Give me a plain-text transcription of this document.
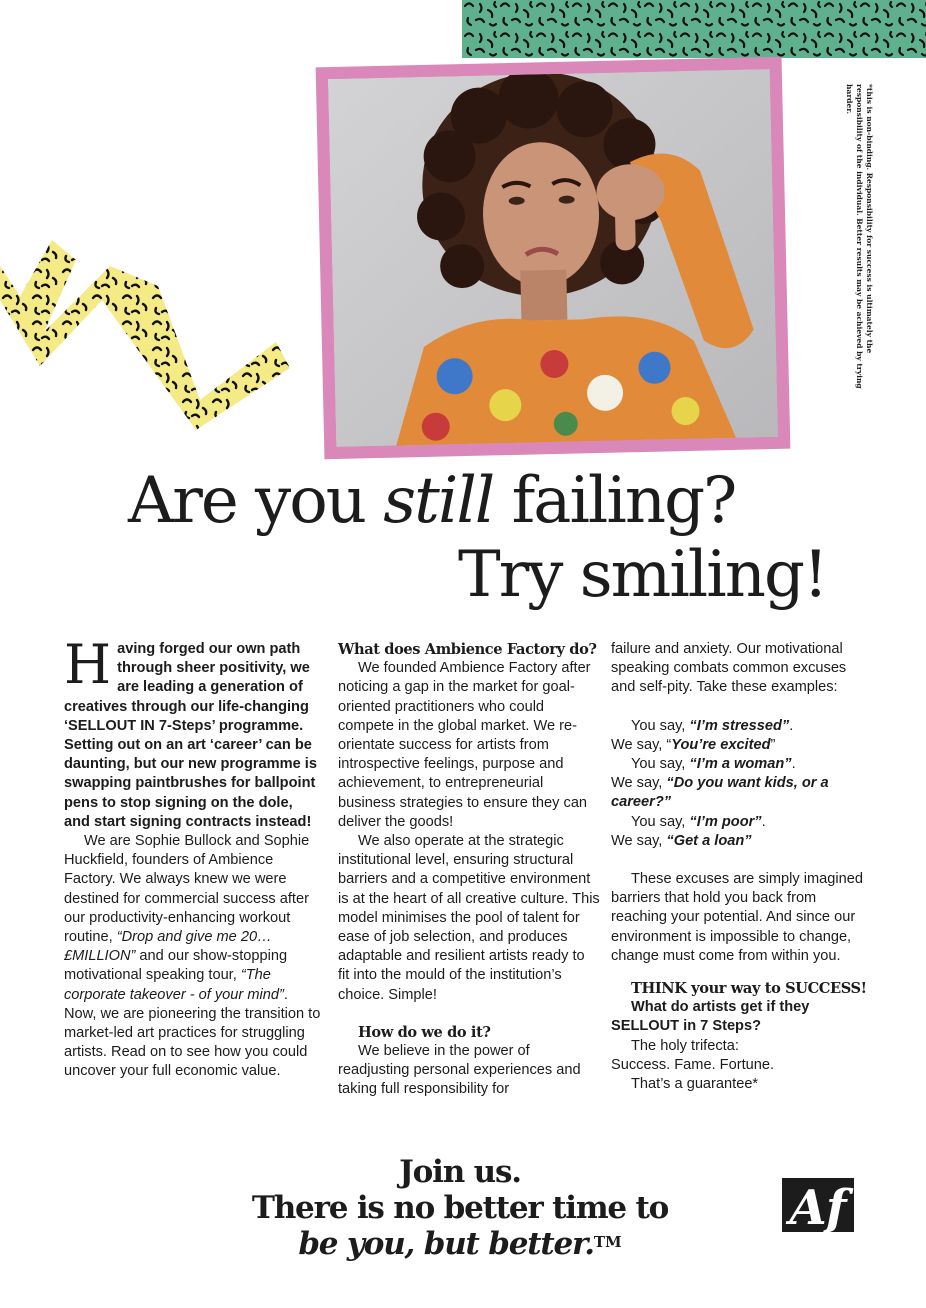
*this is non-binding. Responsibility for success is ultimately the responsibility of the individual. Better results may be achieved by trying harder.
Are you still failing?
Try smiling!

Having forged our own path through sheer positivity, we are leading a generation of creatives through our life-changing ‘SELLOUT IN 7-Steps’ programme. Setting out on an art ‘career’ can be daunting, but our new programme is swapping paintbrushes for ballpoint pens to stop signing on the dole, and start signing contracts instead!

We are Sophie Bullock and Sophie Huckfield, founders of Ambience Factory. We always knew we were destined for commercial success after our productivity-enhancing workout routine, “Drop and give me 20… £MILLION” and our show-stopping motivational speaking tour, “The corporate takeover - of your mind”. Now, we are pioneering the transition to market-led art practices for struggling artists. Read on to see how you could uncover your full economic value.

What does Ambience Factory do?

We founded Ambience Factory after noticing a gap in the market for goal-oriented practitioners who could compete in the global market. We re-orientate success for artists from introspective feelings, purpose and achievement, to entrepreneurial business strategies to ensure they can deliver the goods!

We also operate at the strategic institutional level, ensuring structural barriers and a competitive environment is at the heart of all creative culture. This model minimises the pool of talent for ease of job selection, and produces adaptable and resilient artists ready to fit into the mould of the institution’s choice. Simple!

How do we do it?

We believe in the power of readjusting personal experiences and taking full responsibility for

failure and anxiety. Our motivational speaking combats common excuses and self-pity. Take these examples:

You say, “I’m stressed”.

We say, “You’re excited”

You say, “I’m a woman”.

We say, “Do you want kids, or a career?”

You say, “I’m poor”.

We say, “Get a loan”

These excuses are simply imagined barriers that hold you back from reaching your potential. And since our environment is impossible to change, change must come from within you.

THINK your way to SUCCESS!

What do artists get if they SELLOUT in 7 Steps?

The holy trifecta:

Success. Fame. Fortune.

That’s a guarantee*

Join us.
There is no better time to
be you, but better.™
Af
